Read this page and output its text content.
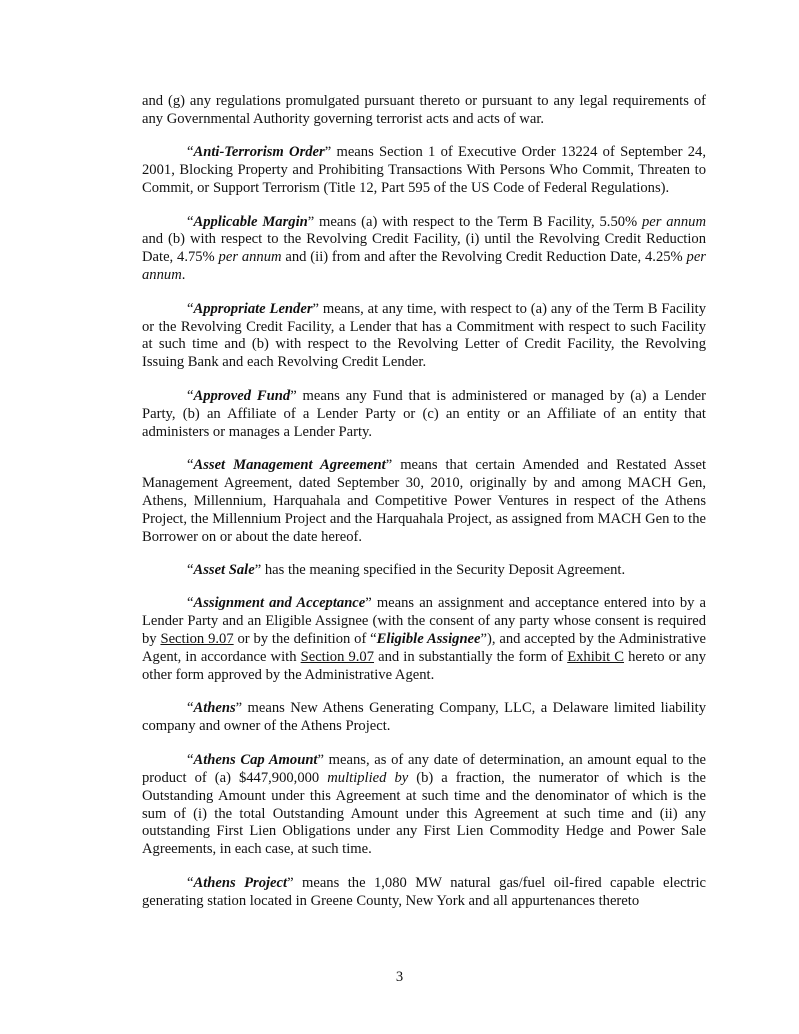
and (g) any regulations promulgated pursuant thereto or pursuant to any legal requirements of any Governmental Authority governing terrorist acts and acts of war.

“Anti-Terrorism Order” means Section 1 of Executive Order 13224 of September 24, 2001, Blocking Property and Prohibiting Transactions With Persons Who Commit, Threaten to Commit, or Support Terrorism (Title 12, Part 595 of the US Code of Federal Regulations).

“Applicable Margin” means (a) with respect to the Term B Facility, 5.50% per annum and (b) with respect to the Revolving Credit Facility, (i) until the Revolving Credit Reduction Date, 4.75% per annum and (ii) from and after the Revolving Credit Reduction Date, 4.25% per annum.

“Appropriate Lender” means, at any time, with respect to (a) any of the Term B Facility or the Revolving Credit Facility, a Lender that has a Commitment with respect to such Facility at such time and (b) with respect to the Revolving Letter of Credit Facility, the Revolving Issuing Bank and each Revolving Credit Lender.

“Approved Fund” means any Fund that is administered or managed by (a) a Lender Party, (b) an Affiliate of a Lender Party or (c) an entity or an Affiliate of an entity that administers or manages a Lender Party.

“Asset Management Agreement” means that certain Amended and Restated Asset Management Agreement, dated September 30, 2010, originally by and among MACH Gen, Athens, Millennium, Harquahala and Competitive Power Ventures in respect of the Athens Project, the Millennium Project and the Harquahala Project, as assigned from MACH Gen to the Borrower on or about the date hereof.

“Asset Sale” has the meaning specified in the Security Deposit Agreement.

“Assignment and Acceptance” means an assignment and acceptance entered into by a Lender Party and an Eligible Assignee (with the consent of any party whose consent is required by Section 9.07 or by the definition of “Eligible Assignee”), and accepted by the Administrative Agent, in accordance with Section 9.07 and in substantially the form of Exhibit C hereto or any other form approved by the Administrative Agent.

“Athens” means New Athens Generating Company, LLC, a Delaware limited liability company and owner of the Athens Project.

“Athens Cap Amount” means, as of any date of determination, an amount equal to the product of (a) $447,900,000 multiplied by (b) a fraction, the numerator of which is the Outstanding Amount under this Agreement at such time and the denominator of which is the sum of (i) the total Outstanding Amount under this Agreement at such time and (ii) any outstanding First Lien Obligations under any First Lien Commodity Hedge and Power Sale Agreements, in each case, at such time.

“Athens Project” means the 1,080 MW natural gas/fuel oil-fired capable electric generating station located in Greene County, New York and all appurtenances thereto

3
